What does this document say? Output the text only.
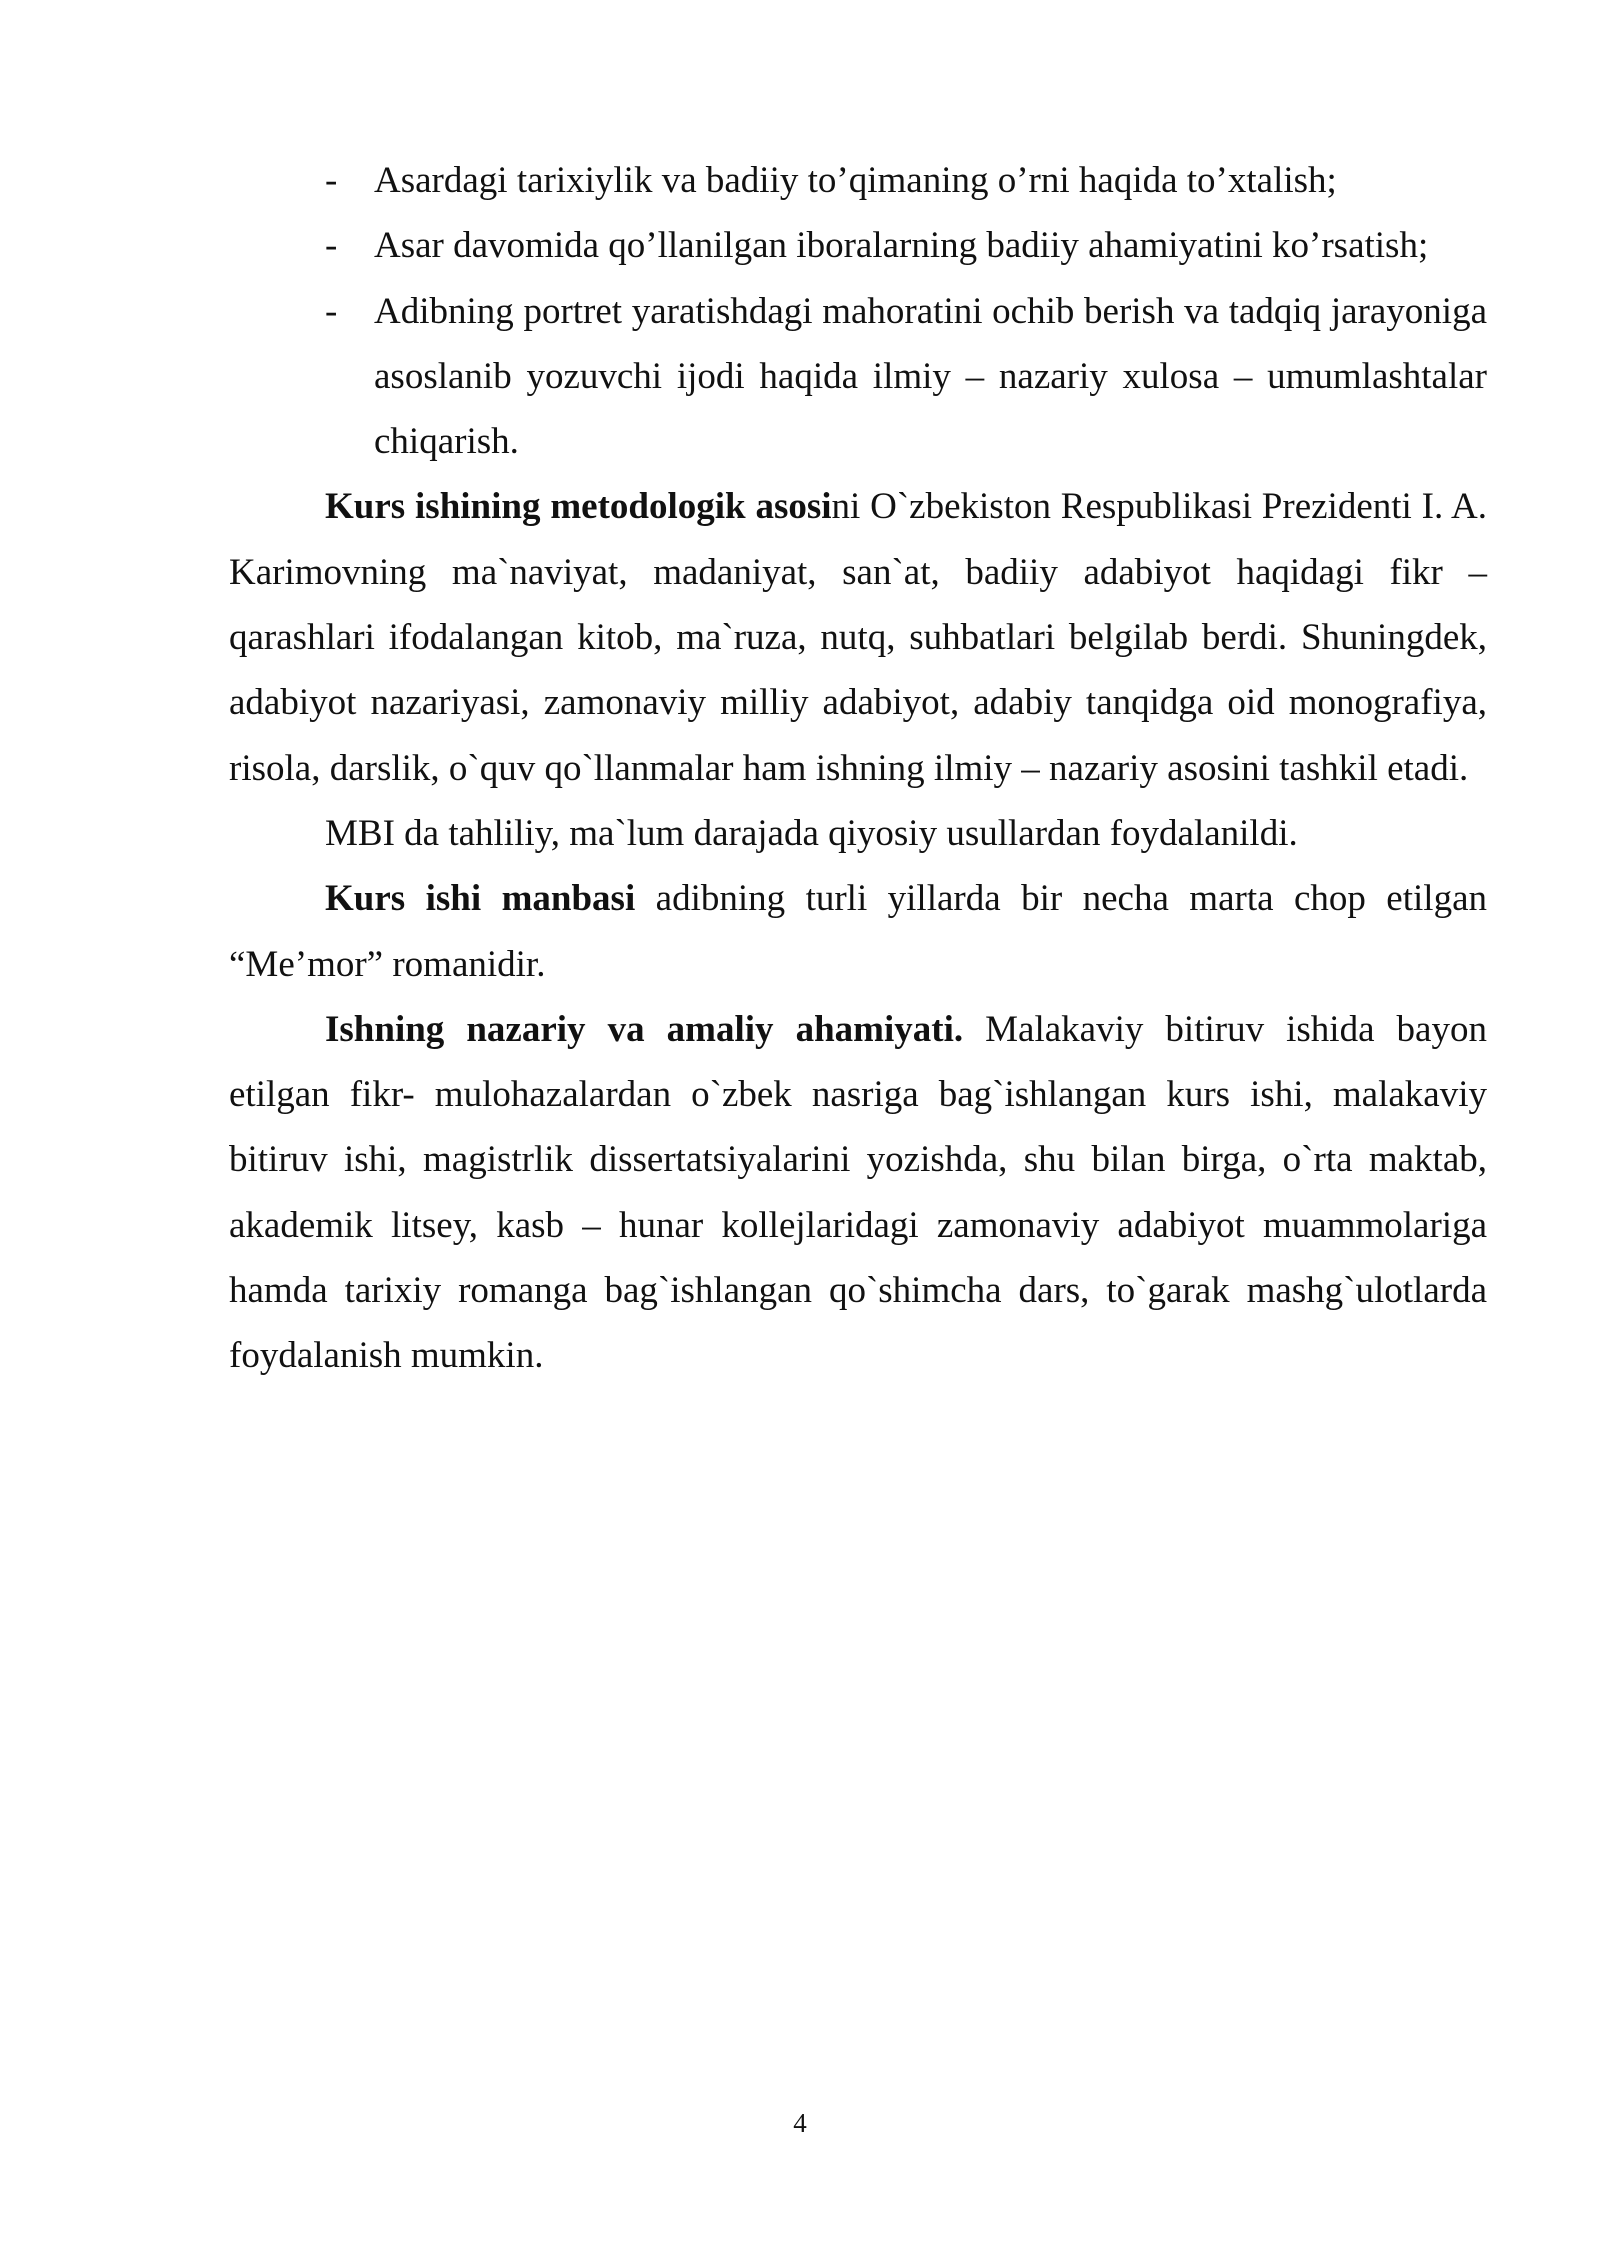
- Asardagi tarixiylik va badiiy to’qimaning o’rni haqida to’xtalish;
- Asar davomida qo’llanilgan iboralarning badiiy ahamiyatini ko’rsatish;
- Adibning portret yaratishdagi mahoratini ochib berish va tadqiq jarayoniga asoslanib yozuvchi ijodi haqida ilmiy – nazariy xulosa – umumlashtalar chiqarish.

Kurs ishining metodologik asosini O`zbekiston Respublikasi Prezidenti I. A. Karimovning ma`naviyat, madaniyat, san`at, badiiy adabiyot haqidagi fikr – qarashlari ifodalangan kitob, ma`ruza, nutq, suhbatlari belgilab berdi. Shuningdek, adabiyot nazariyasi, zamonaviy milliy adabiyot, adabiy tanqidga oid monografiya, risola, darslik, o`quv qo`llanmalar ham ishning ilmiy – nazariy asosini tashkil etadi.

MBI da tahliliy, ma`lum darajada qiyosiy usullardan foydalanildi.

Kurs ishi manbasi adibning turli yillarda bir necha marta chop etilgan “Me’mor” romanidir.

Ishning nazariy va amaliy ahamiyati. Malakaviy bitiruv ishida bayon etilgan fikr- mulohazalardan o`zbek nasriga bag`ishlangan kurs ishi, malakaviy bitiruv ishi, magistrlik dissertatsiyalarini yozishda, shu bilan birga, o`rta maktab, akademik litsey, kasb – hunar kollejlaridagi zamonaviy adabiyot muammolariga hamda tarixiy romanga bag`ishlangan qo`shimcha dars, to`garak mashg`ulotlarda foydalanish mumkin.

4
